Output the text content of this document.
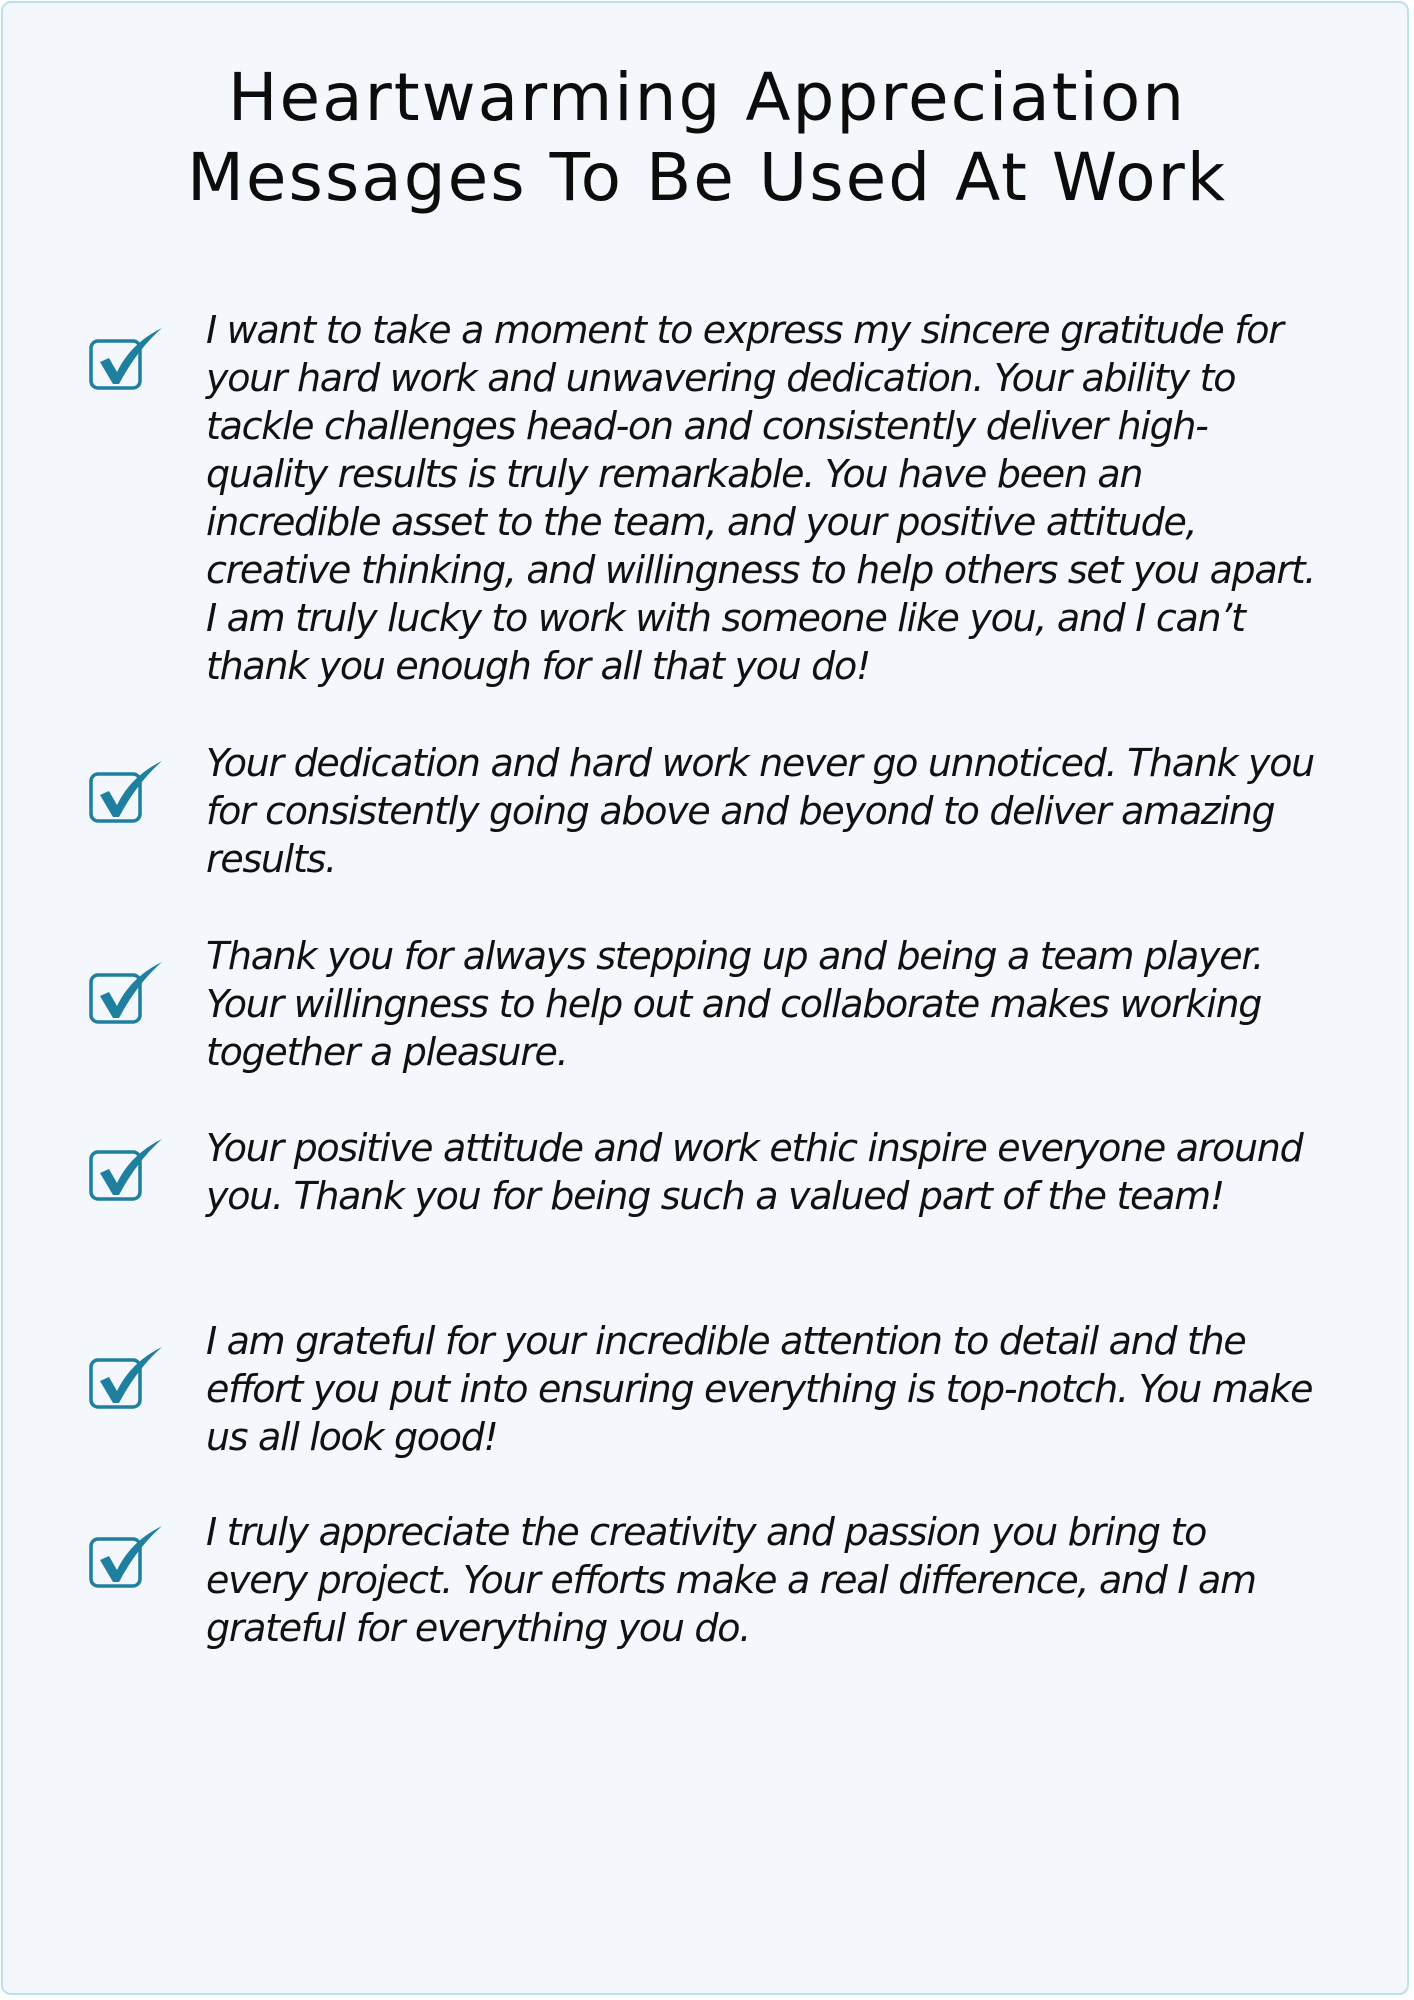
Heartwarming Appreciation
Messages To Be Used At Work

I want to take a moment to express my sincere gratitude for your hard work and unwavering dedication. Your ability to tackle challenges head-on and consistently deliver high-quality results is truly remarkable. You have been an incredible asset to the team, and your positive attitude, creative thinking, and willingness to help others set you apart. I am truly lucky to work with someone like you, and I can’t thank you enough for all that you do!

Your dedication and hard work never go unnoticed. Thank you for consistently going above and beyond to deliver amazing results.

Thank you for always stepping up and being a team player. Your willingness to help out and collaborate makes working together a pleasure.

Your positive attitude and work ethic inspire everyone around you. Thank you for being such a valued part of the team!

I am grateful for your incredible attention to detail and the effort you put into ensuring everything is top-notch. You make us all look good!

I truly appreciate the creativity and passion you bring to every project. Your efforts make a real difference, and I am grateful for everything you do.
